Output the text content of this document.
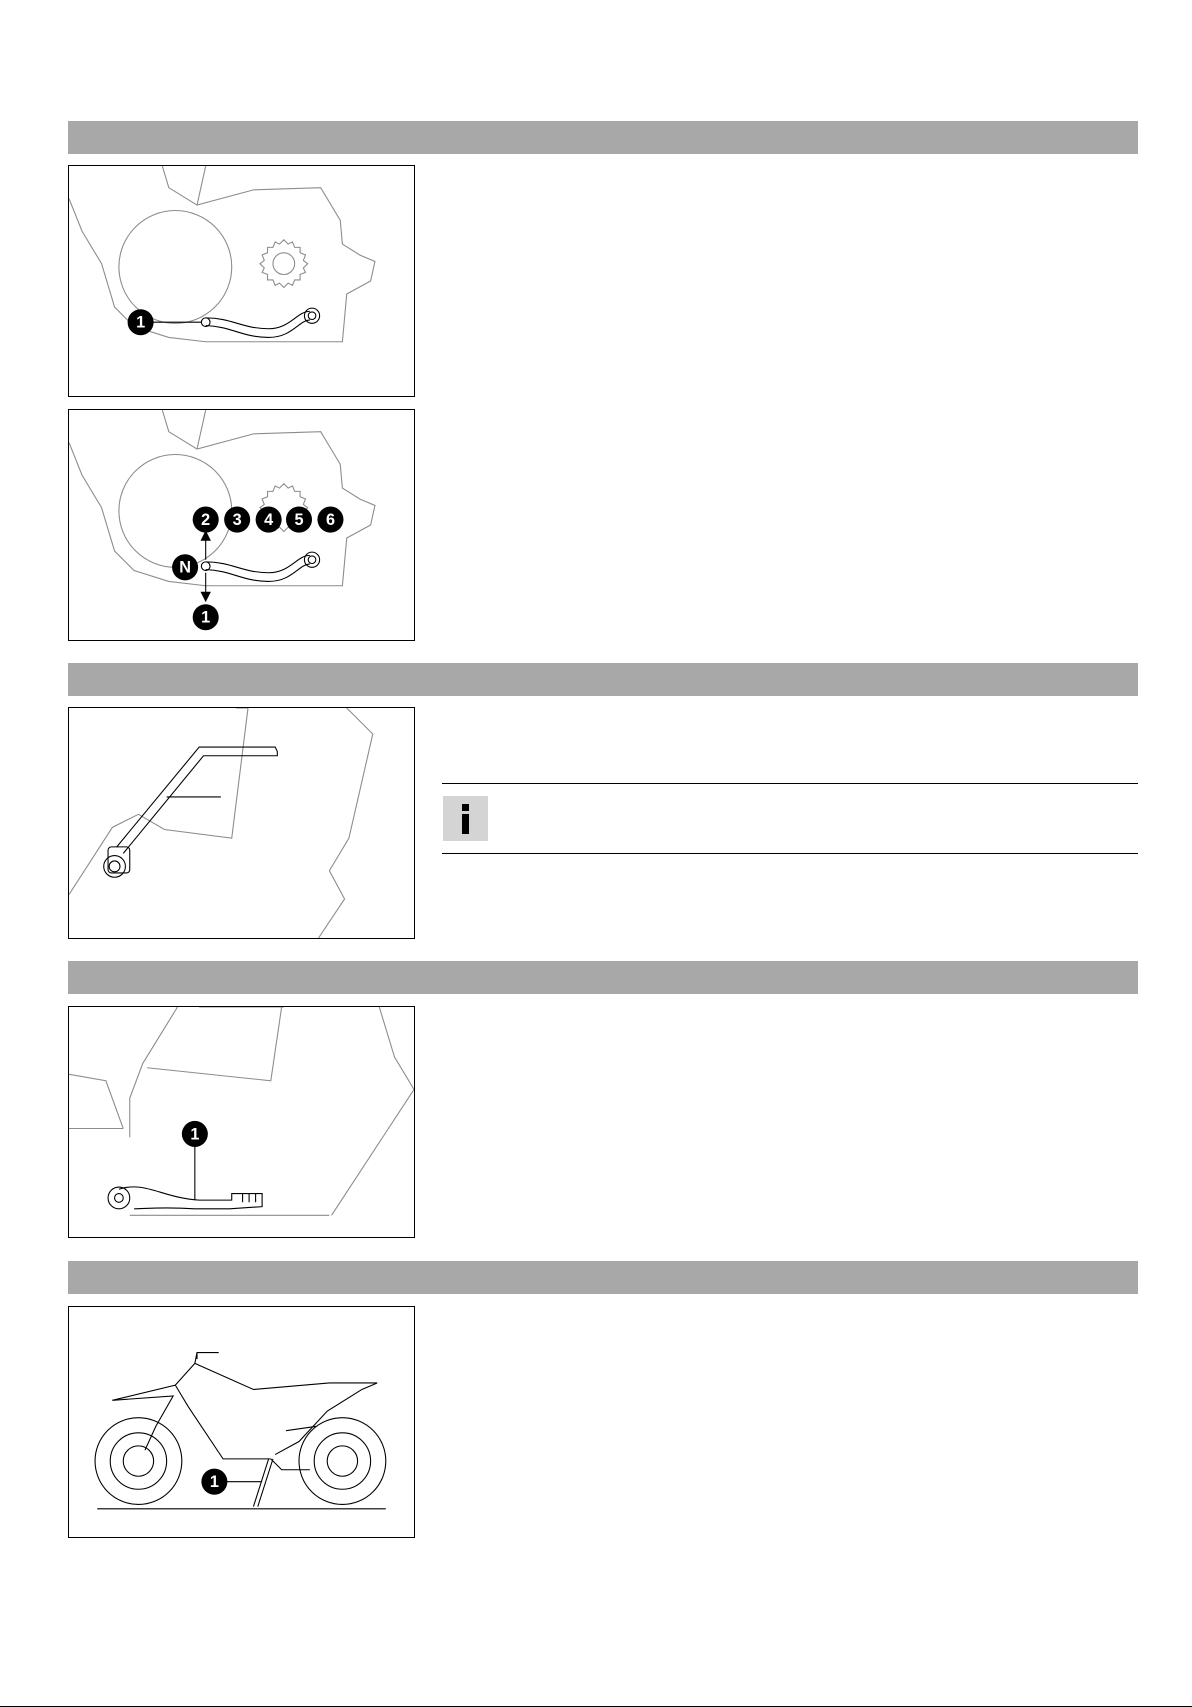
1
2 3 4 5 6
N
1
1
1
